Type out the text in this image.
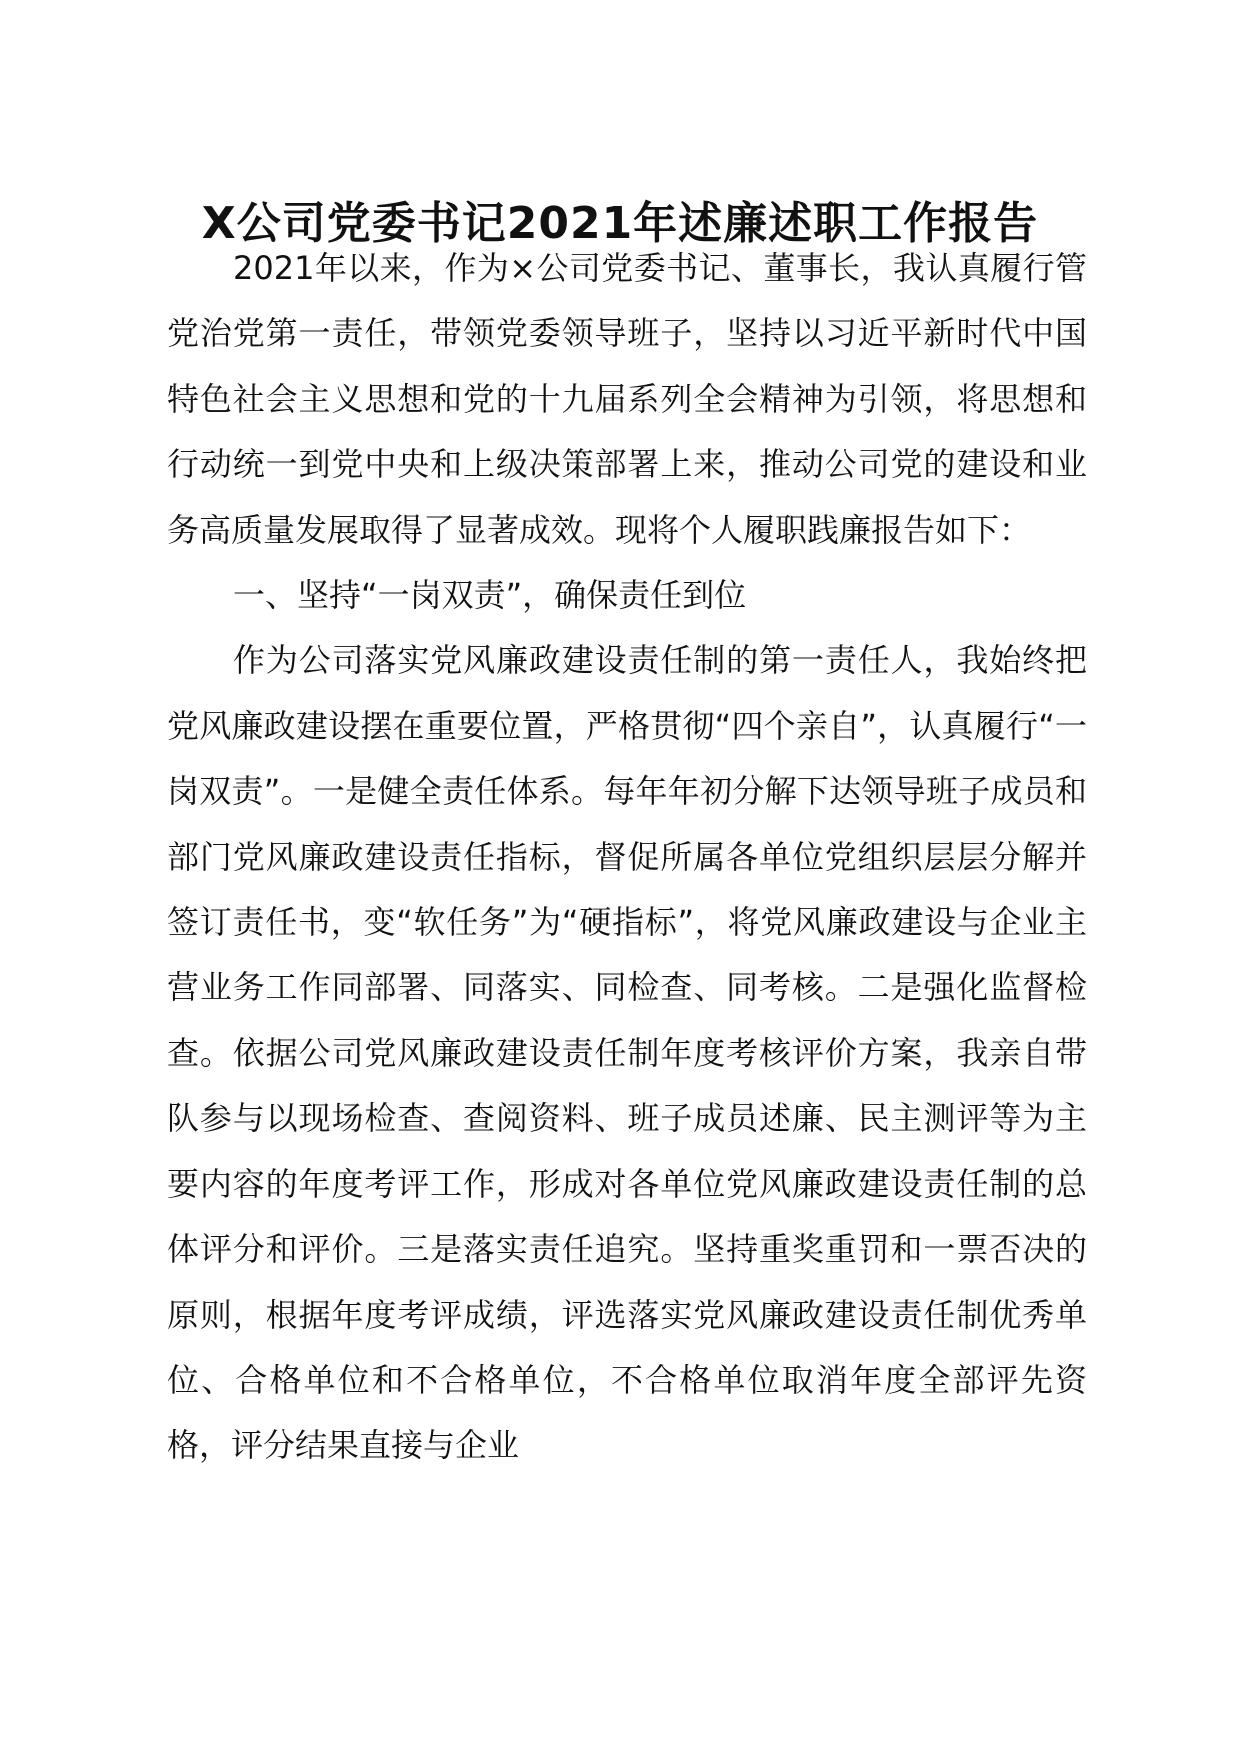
X公司党委书记2021年述廉述职工作报告

2021年以来，作为×公司党委书记、董事长，我认真履行管党治党第一责任，带领党委领导班子，坚持以习近平新时代中国特色社会主义思想和党的十九届系列全会精神为引领，将思想和行动统一到党中央和上级决策部署上来，推动公司党的建设和业务高质量发展取得了显著成效。现将个人履职践廉报告如下：

一、坚持“一岗双责”，确保责任到位

作为公司落实党风廉政建设责任制的第一责任人，我始终把党风廉政建设摆在重要位置，严格贯彻“四个亲自”，认真履行“一岗双责”。一是健全责任体系。每年年初分解下达领导班子成员和部门党风廉政建设责任指标，督促所属各单位党组织层层分解并签订责任书，变“软任务”为“硬指标”，将党风廉政建设与企业主营业务工作同部署、同落实、同检查、同考核。二是强化监督检查。依据公司党风廉政建设责任制年度考核评价方案，我亲自带队参与以现场检查、查阅资料、班子成员述廉、民主测评等为主要内容的年度考评工作，形成对各单位党风廉政建设责任制的总体评分和评价。三是落实责任追究。坚持重奖重罚和一票否决的原则，根据年度考评成绩，评选落实党风廉政建设责任制优秀单位、合格单位和不合格单位，不合格单位取消年度全部评先资格，评分结果直接与企业
